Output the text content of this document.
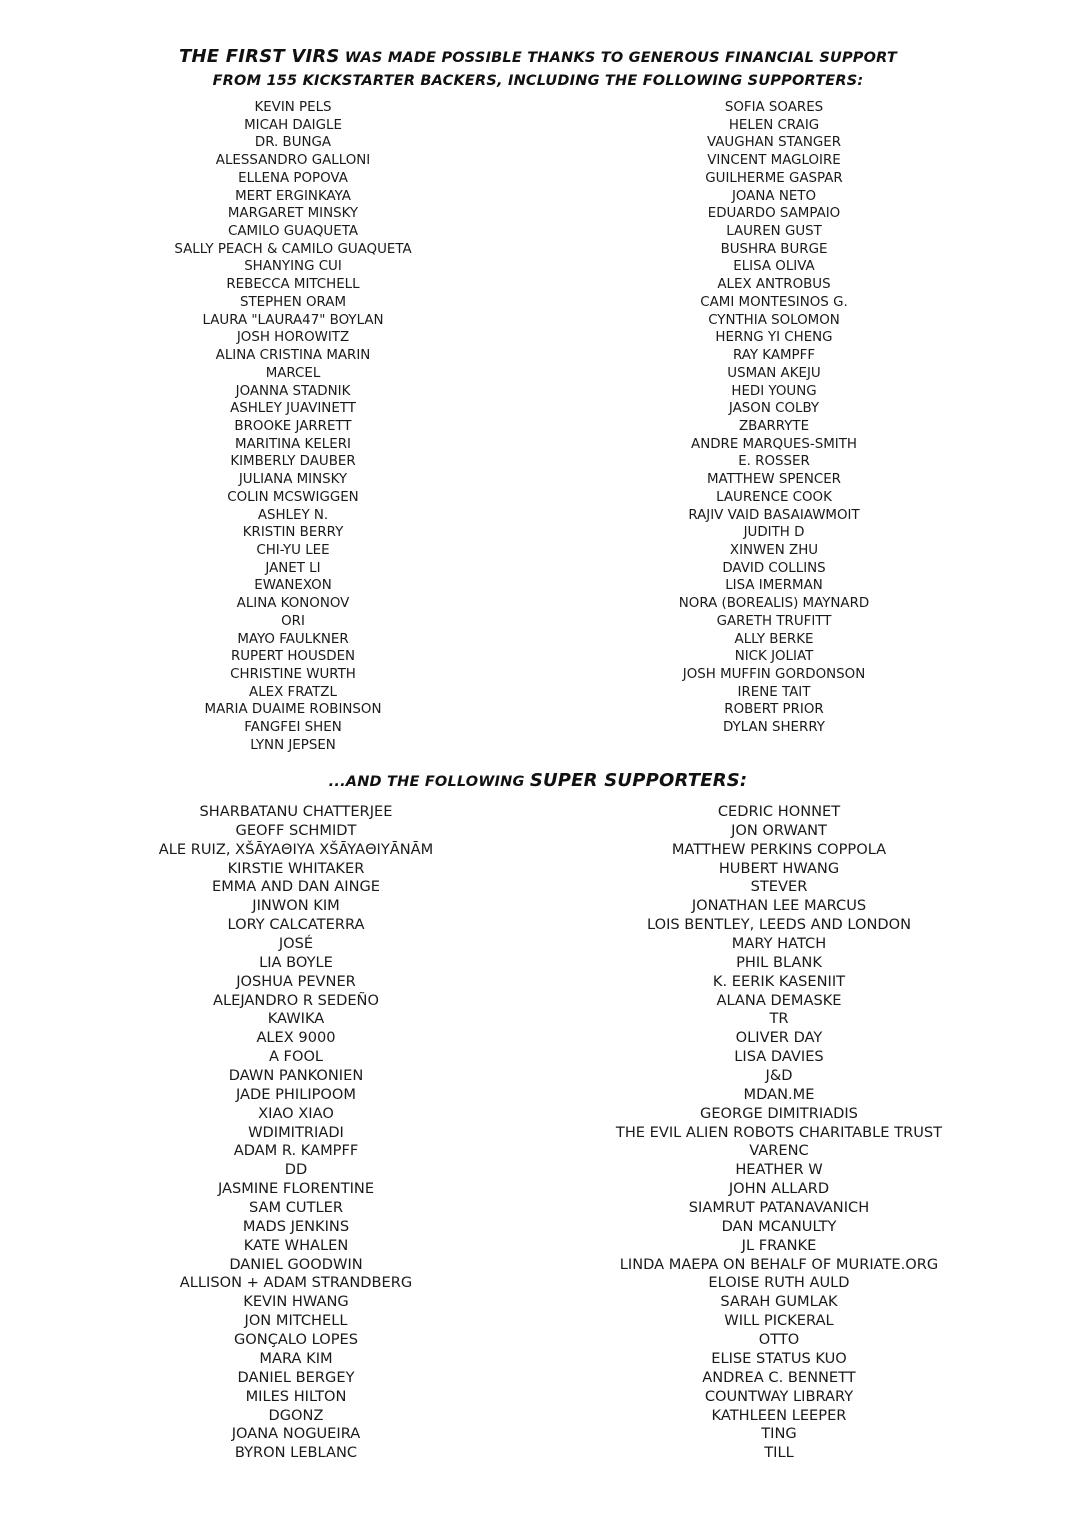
THE FIRST VIRS WAS MADE POSSIBLE THANKS TO GENEROUS FINANCIAL SUPPORT
FROM 155 KICKSTARTER BACKERS, INCLUDING THE FOLLOWING SUPPORTERS:
KEVIN PELS
MICAH DAIGLE
DR. BUNGA
ALESSANDRO GALLONI
ELLENA POPOVA
MERT ERGINKAYA
MARGARET MINSKY
CAMILO GUAQUETA
SALLY PEACH & CAMILO GUAQUETA
SHANYING CUI
REBECCA MITCHELL
STEPHEN ORAM
LAURA "LAURA47" BOYLAN
JOSH HOROWITZ
ALINA CRISTINA MARIN
MARCEL
JOANNA STADNIK
ASHLEY JUAVINETT
BROOKE JARRETT
MARITINA KELERI
KIMBERLY DAUBER
JULIANA MINSKY
COLIN MCSWIGGEN
ASHLEY N.
KRISTIN BERRY
CHI-YU LEE
JANET LI
EWANEXON
ALINA KONONOV
ORI
MAYO FAULKNER
RUPERT HOUSDEN
CHRISTINE WURTH
ALEX FRATZL
MARIA DUAIME ROBINSON
FANGFEI SHEN
LYNN JEPSEN
SOFIA SOARES
HELEN CRAIG
VAUGHAN STANGER
VINCENT MAGLOIRE
GUILHERME GASPAR
JOANA NETO
EDUARDO SAMPAIO
LAUREN GUST
BUSHRA BURGE
ELISA OLIVA
ALEX ANTROBUS
CAMI MONTESINOS G.
CYNTHIA SOLOMON
HERNG YI CHENG
RAY KAMPFF
USMAN AKEJU
HEDI YOUNG
JASON COLBY
ZBARRYTE
ANDRE MARQUES-SMITH
E. ROSSER
MATTHEW SPENCER
LAURENCE COOK
RAJIV VAID BASAIAWMOIT
JUDITH D
XINWEN ZHU
DAVID COLLINS
LISA IMERMAN
NORA (BOREALIS) MAYNARD
GARETH TRUFITT
ALLY BERKE
NICK JOLIAT
JOSH MUFFIN GORDONSON
IRENE TAIT
ROBERT PRIOR
DYLAN SHERRY
...AND THE FOLLOWING SUPER SUPPORTERS:
SHARBATANU CHATTERJEE
GEOFF SCHMIDT
ALE RUIZ, XŠĀYAΘIYA XŠĀYAΘIYĀNĀM
KIRSTIE WHITAKER
EMMA AND DAN AINGE
JINWON KIM
LORY CALCATERRA
JOSÉ
LIA BOYLE
JOSHUA PEVNER
ALEJANDRO R SEDEÑO
KAWIKA
ALEX 9000
A FOOL
DAWN PANKONIEN
JADE PHILIPOOM
XIAO XIAO
WDIMITRIADI
ADAM R. KAMPFF
DD
JASMINE FLORENTINE
SAM CUTLER
MADS JENKINS
KATE WHALEN
DANIEL GOODWIN
ALLISON + ADAM STRANDBERG
KEVIN HWANG
JON MITCHELL
GONÇALO LOPES
MARA KIM
DANIEL BERGEY
MILES HILTON
DGONZ
JOANA NOGUEIRA
BYRON LEBLANC
CEDRIC HONNET
JON ORWANT
MATTHEW PERKINS COPPOLA
HUBERT HWANG
STEVER
JONATHAN LEE MARCUS
LOIS BENTLEY, LEEDS AND LONDON
MARY HATCH
PHIL BLANK
K. EERIK KASENIIT
ALANA DEMASKE
TR
OLIVER DAY
LISA DAVIES
J&D
MDAN.ME
GEORGE DIMITRIADIS
THE EVIL ALIEN ROBOTS CHARITABLE TRUST
VARENC
HEATHER W
JOHN ALLARD
SIAMRUT PATANAVANICH
DAN MCANULTY
JL FRANKE
LINDA MAEPA ON BEHALF OF MURIATE.ORG
ELOISE RUTH AULD
SARAH GUMLAK
WILL PICKERAL
OTTO
ELISE STATUS KUO
ANDREA C. BENNETT
COUNTWAY LIBRARY
KATHLEEN LEEPER
TING
TILL
